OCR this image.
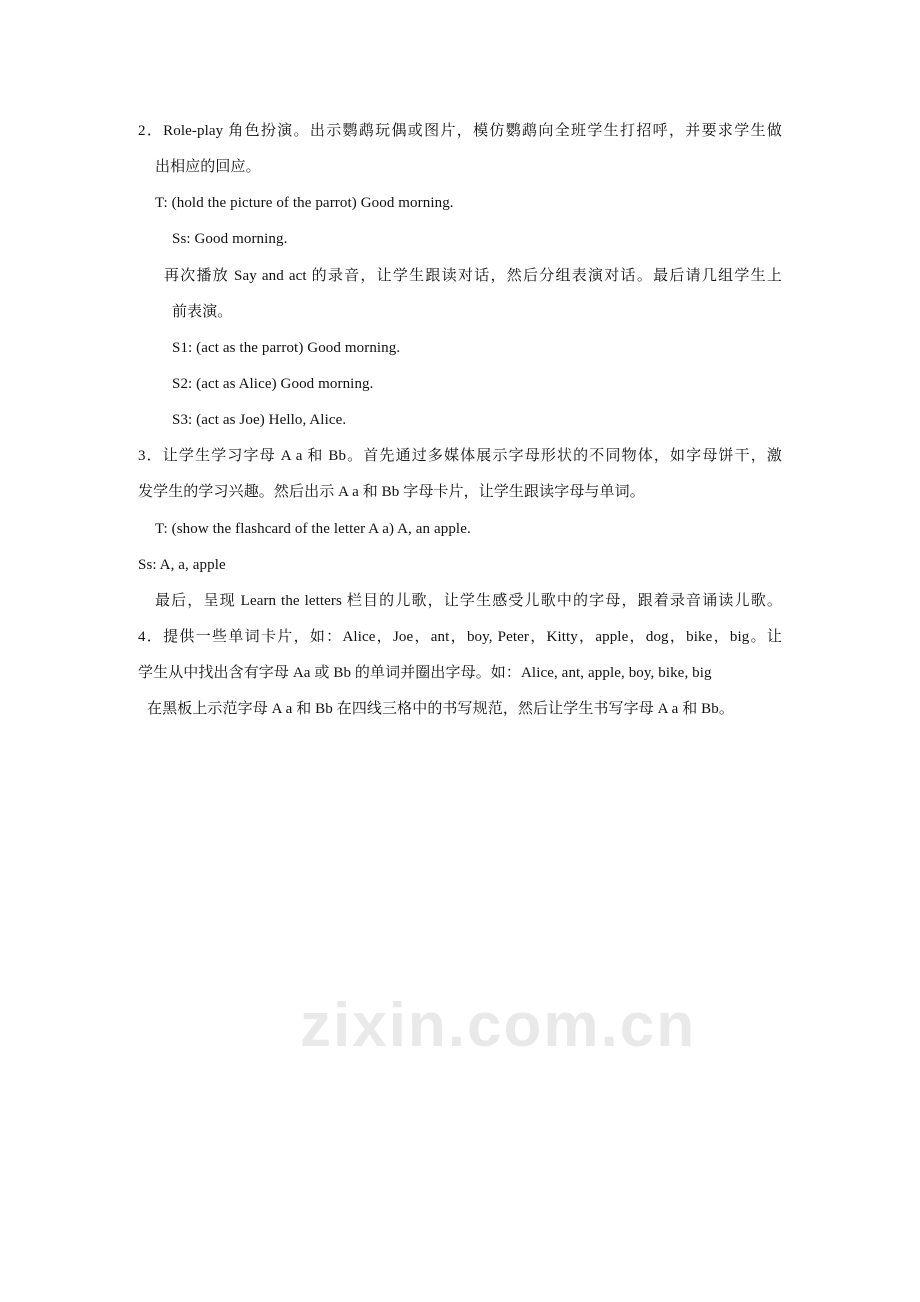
2．Role-play 角色扮演。出示鹦鹉玩偶或图片，模仿鹦鹉向全班学生打招呼，并要求学生做
出相应的回应。
T: (hold the picture of the parrot) Good morning.
Ss: Good morning.
再次播放 Say and act 的录音，让学生跟读对话，然后分组表演对话。最后请几组学生上
前表演。
S1: (act as the parrot) Good morning.
S2: (act as Alice) Good morning.
S3: (act as Joe) Hello, Alice.
3．让学生学习字母 A a 和 Bb。首先通过多媒体展示字母形状的不同物体，如字母饼干，激
发学生的学习兴趣。然后出示 A a 和 Bb 字母卡片，让学生跟读字母与单词。
T: (show the flashcard of the letter A a) A, an apple.
Ss: A, a, apple
最后，呈现 Learn the letters 栏目的儿歌，让学生感受儿歌中的字母，跟着录音诵读儿歌。
4．提供一些单词卡片，如：Alice，Joe，ant，boy, Peter，Kitty，apple，dog，bike，big。让
学生从中找出含有字母 Aa 或 Bb 的单词并圈出字母。如：Alice, ant, apple, boy, bike, big
在黑板上示范字母 A a 和 Bb 在四线三格中的书写规范，然后让学生书写字母 A a 和 Bb。
zixin.com.cn
